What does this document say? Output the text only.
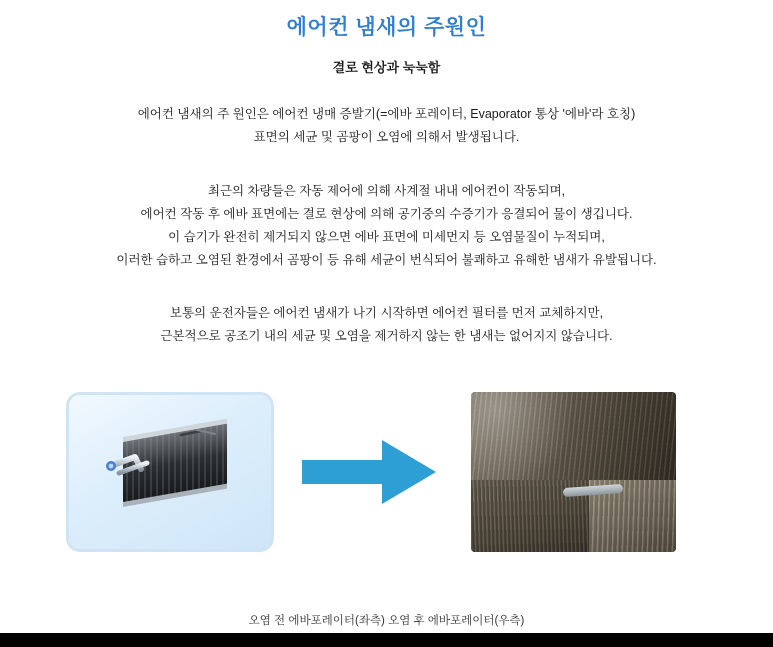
에어컨 냄새의 주원인
결로 현상과 눅눅함
에어컨 냄새의 주 원인은 에어컨 냉매 증발기(=에바 포레이터, Evaporator 통상 '에바'라 호칭)
표면의 세균 및 곰팡이 오염에 의해서 발생됩니다.
최근의 차량들은 자동 제어에 의해 사계절 내내 에어컨이 작동되며,
에어컨 작동 후 에바 표면에는 결로 현상에 의해 공기중의 수증기가 응결되어 물이 생깁니다.
이 습기가 완전히 제거되지 않으면 에바 표면에 미세먼지 등 오염물질이 누적되며,
이러한 습하고 오염된 환경에서 곰팡이 등 유해 세균이 번식되어 불쾌하고 유해한 냄새가 유발됩니다.
보통의 운전자들은 에어컨 냄새가 나기 시작하면 에어컨 필터를 먼저 교체하지만,
근본적으로 공조기 내의 세균 및 오염을 제거하지 않는 한 냄새는 없어지지 않습니다.
오염 전 에바포레이터(좌측) 오염 후 에바포레이터(우측)
